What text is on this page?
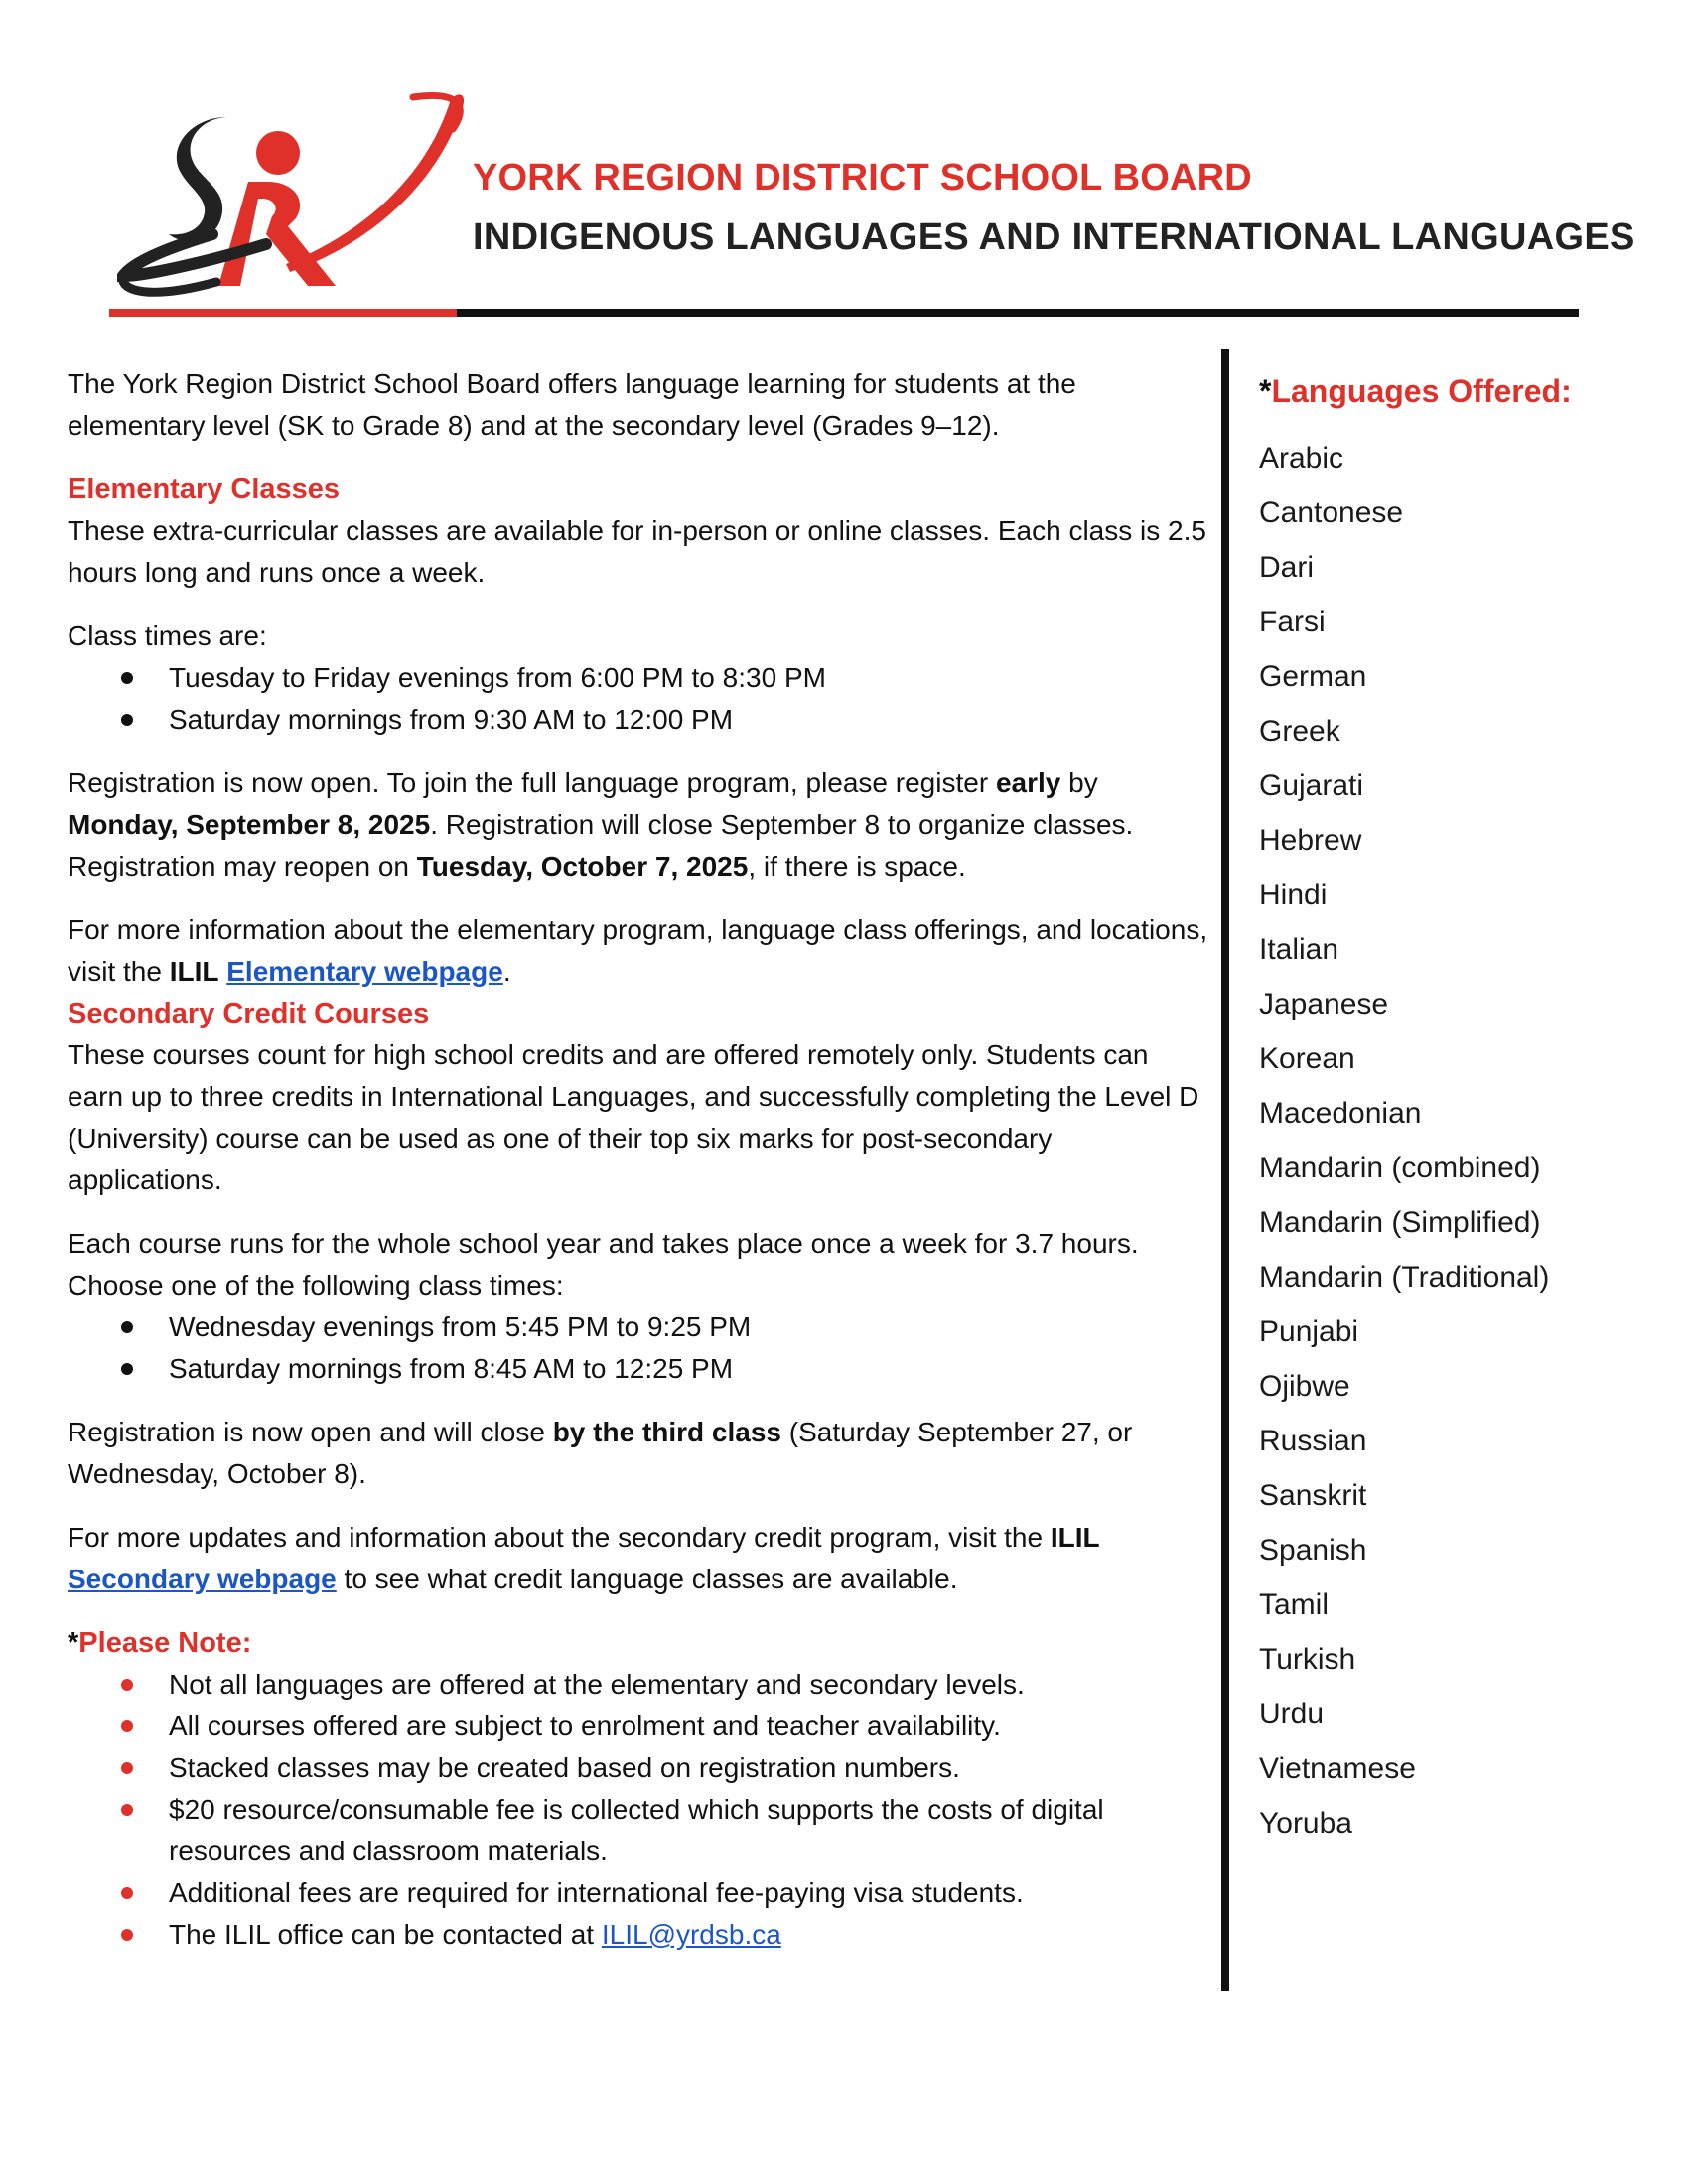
YORK REGION DISTRICT SCHOOL BOARD
INDIGENOUS LANGUAGES AND INTERNATIONAL LANGUAGES

The York Region District School Board offers language learning for students at the elementary level (SK to Grade 8) and at the secondary level (Grades 9–12).

Elementary Classes

These extra-curricular classes are available for in-person or online classes. Each class is 2.5 hours long and runs once a week.

Class times are:

Tuesday to Friday evenings from 6:00 PM to 8:30 PM
Saturday mornings from 9:30 AM to 12:00 PM

Registration is now open. To join the full language program, please register early by Monday, September 8, 2025. Registration will close September 8 to organize classes. Registration may reopen on Tuesday, October 7, 2025, if there is space.

For more information about the elementary program, language class offerings, and locations, visit the ILIL Elementary webpage.

Secondary Credit Courses

These courses count for high school credits and are offered remotely only. Students can earn up to three credits in International Languages, and successfully completing the Level D (University) course can be used as one of their top six marks for post-secondary applications.

Each course runs for the whole school year and takes place once a week for 3.7 hours. Choose one of the following class times:

Wednesday evenings from 5:45 PM to 9:25 PM
Saturday mornings from 8:45 AM to 12:25 PM

Registration is now open and will close by the third class (Saturday September 27, or Wednesday, October 8).

For more updates and information about the secondary credit program, visit the ILIL
Secondary webpage to see what credit language classes are available.

*Please Note:
Not all languages are offered at the elementary and secondary levels.
All courses offered are subject to enrolment and teacher availability.
Stacked classes may be created based on registration numbers.
$20 resource/consumable fee is collected which supports the costs of digital resources and classroom materials.
Additional fees are required for international fee-paying visa students.
The ILIL office can be contacted at ILIL@yrdsb.ca
*Languages Offered:
Arabic
Cantonese
Dari
Farsi
German
Greek
Gujarati
Hebrew
Hindi
Italian
Japanese
Korean
Macedonian
Mandarin (combined)
Mandarin (Simplified)
Mandarin (Traditional)
Punjabi
Ojibwe
Russian
Sanskrit
Spanish
Tamil
Turkish
Urdu
Vietnamese
Yoruba
